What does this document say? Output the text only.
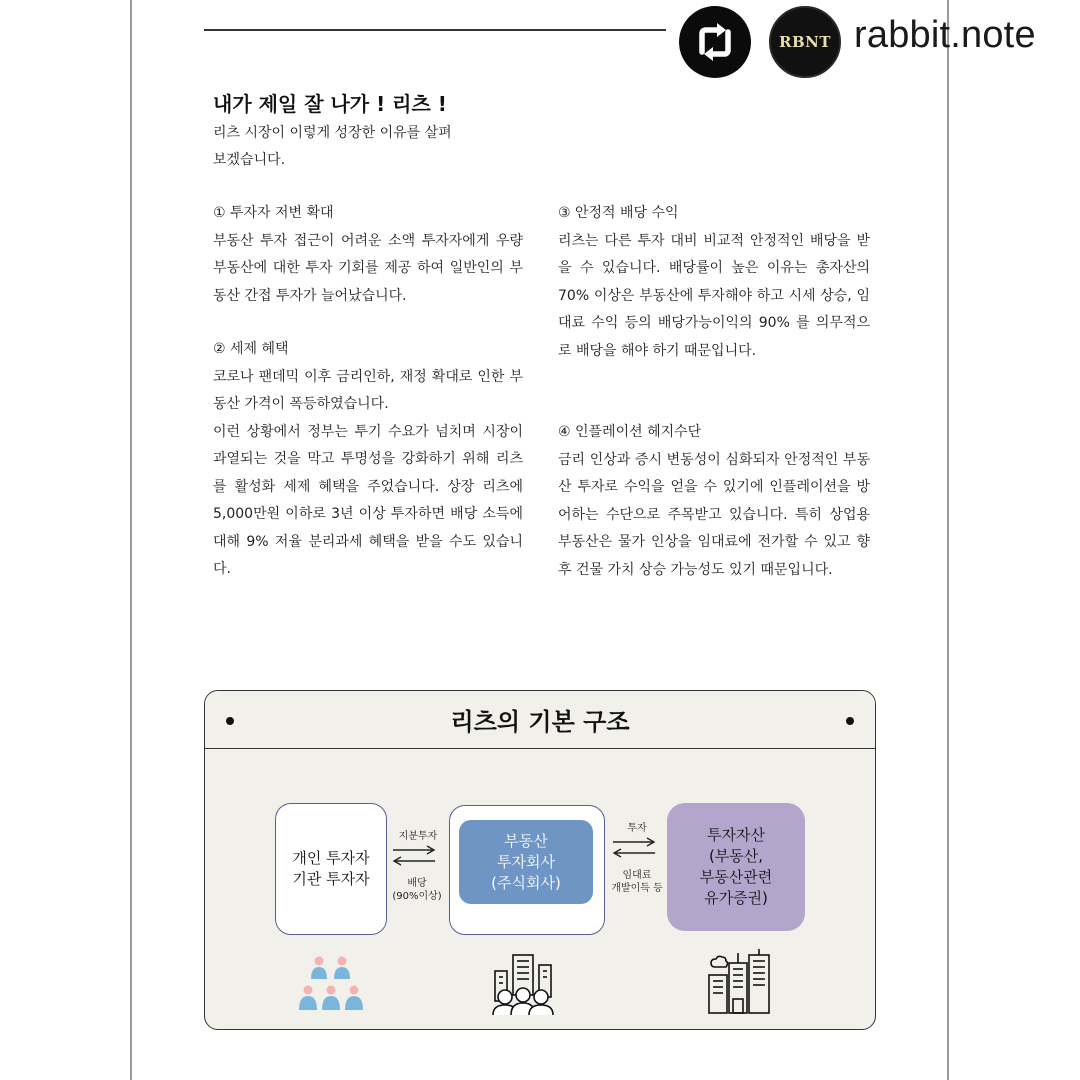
RBNT rabbit.note
내가 제일 잘 나가 ! 리츠 !
리츠 시장이 이렇게 성장한 이유를 살펴
보겠습니다.
① 투자자 저변 확대
부동산 투자 접근이 어려운 소액 투자자에게 우량 부동산에 대한 투자 기회를 제공 하여 일반인의 부동산 간접 투자가 늘어났습니다.
② 세제 혜택
코로나 팬데믹 이후 금리인하, 재정 확대로 인한 부동산 가격이 폭등하였습니다.
이런 상황에서 정부는 투기 수요가 넘치며 시장이 과열되는 것을 막고 투명성을 강화하기 위해 리츠를 활성화 세제 혜택을 주었습니다. 상장 리츠에 5,000만원 이하로 3년 이상 투자하면 배당 소득에 대해 9% 저율 분리과세 혜택을 받을 수도 있습니다.
③ 안정적 배당 수익
리츠는 다른 투자 대비 비교적 안정적인 배당을 받을 수 있습니다. 배당률이 높은 이유는 총자산의 70% 이상은 부동산에 투자해야 하고 시세 상승, 임대료 수익 등의 배당가능이익의 90% 를 의무적으로 배당을 해야 하기 때문입니다.
④ 인플레이션 헤지수단
금리 인상과 증시 변동성이 심화되자 안정적인 부동산 투자로 수익을 얻을 수 있기에 인플레이션을 방어하는 수단으로 주목받고 있습니다. 특히 상업용 부동산은 물가 인상을 임대료에 전가할 수 있고 향후 건물 가치 상승 가능성도 있기 때문입니다.
리츠의 기본 구조
개인 투자자
기관 투자자
부동산
투자회사
(주식회사)
투자자산
(부동산,
부동산관련
유가증권)
지분투자
배당
(90%이상)
투자
임대료
개발이득 등
